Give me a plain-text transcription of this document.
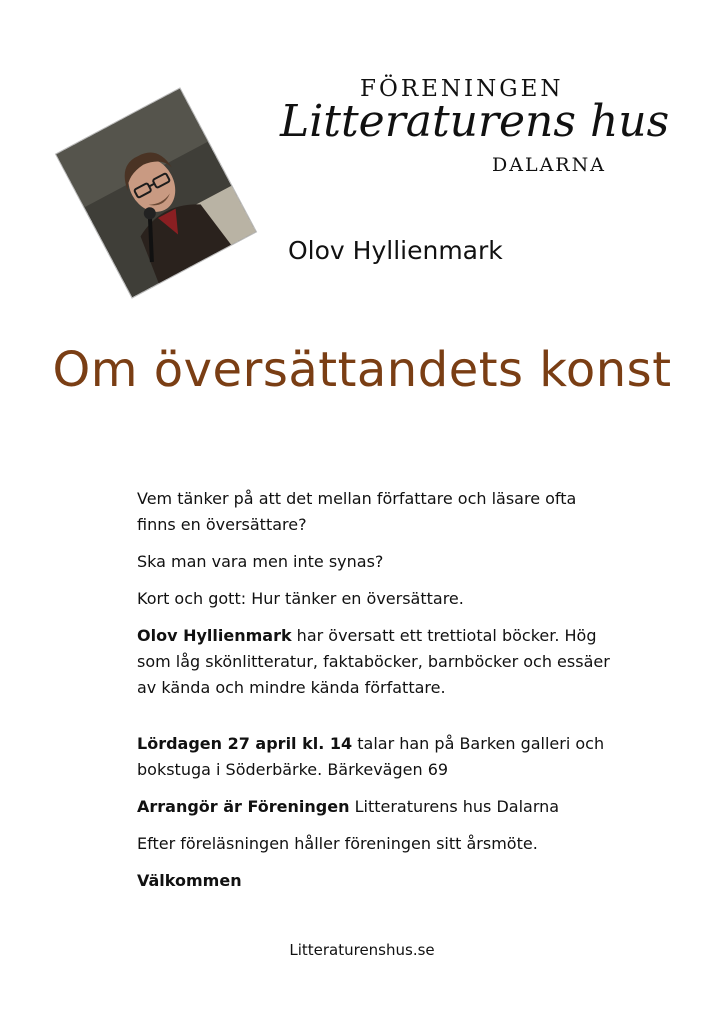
FÖRENINGEN
Litteraturens hus
DALARNA
Olov Hyllienmark
Om översättandets konst

Vem tänker på att det mellan författare och läsare ofta finns en översättare?

Ska man vara men inte synas?

Kort och gott: Hur tänker en översättare.

Olov Hyllienmark har översatt ett trettiotal böcker. Hög som låg skönlitteratur, faktaböcker, barnböcker och essäer av kända och mindre kända författare.

Lördagen 27 april kl. 14 talar han på Barken galleri och bokstuga i Söderbärke. Bärkevägen 69

Arrangör är Föreningen Litteraturens hus Dalarna

Efter föreläsningen håller föreningen sitt årsmöte.

Välkommen

Litteraturenshus.se
